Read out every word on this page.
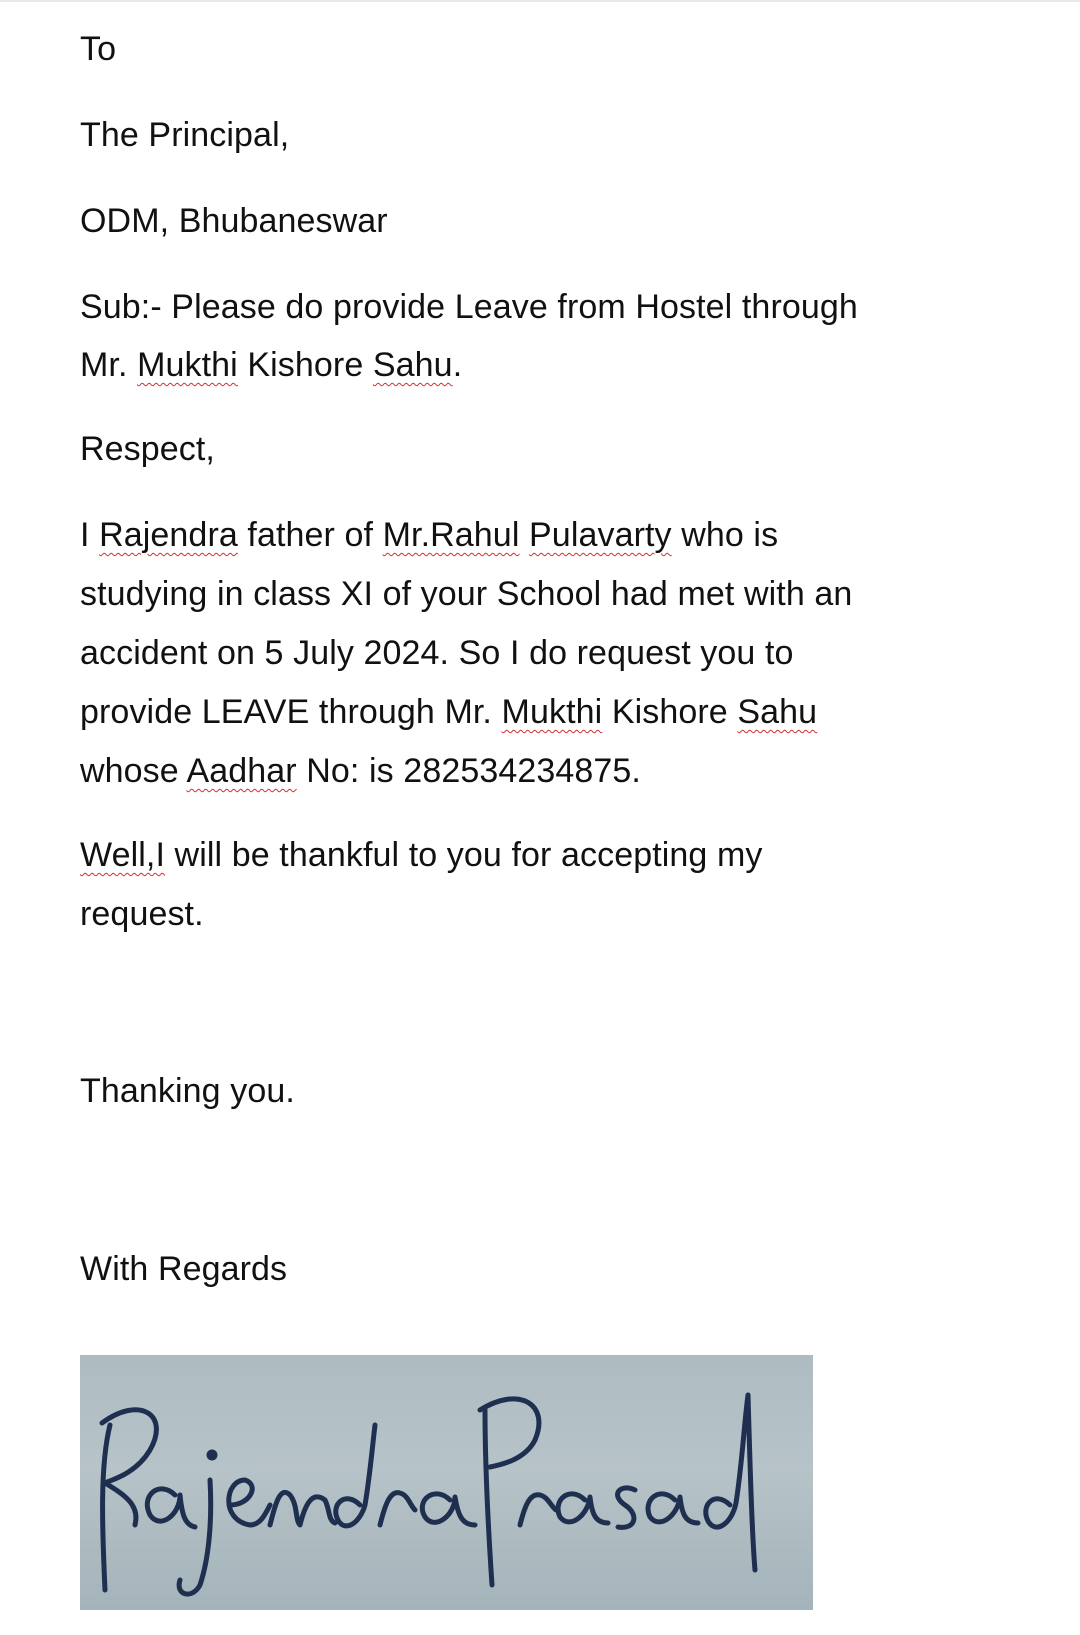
To
The Principal,
ODM, Bhubaneswar
Sub:- Please do provide Leave from Hostel through
Mr. Mukthi Kishore Sahu.
Respect,
I Rajendra father of Mr.Rahul Pulavarty who is
studying in class XI of your School had met with an
accident on 5 July 2024. So I do request you to
provide LEAVE through Mr. Mukthi Kishore Sahu
whose Aadhar No: is 282534234875.
Well,I will be thankful to you for accepting my
request.
Thanking you.
With Regards
